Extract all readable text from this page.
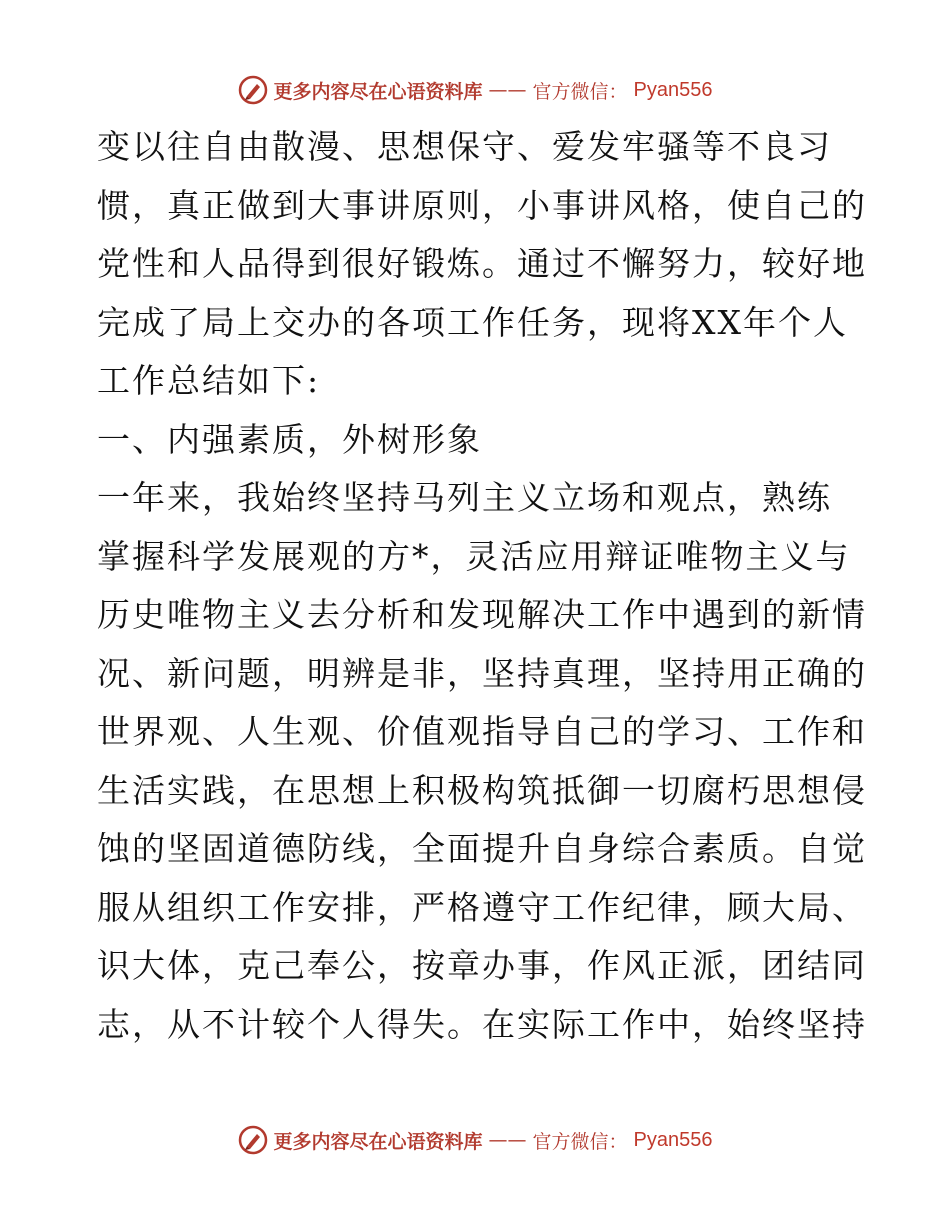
更多内容尽在心语资料库 —— 官方微信： Pyan556
变以往自由散漫、思想保守、爱发牢骚等不良习
惯，真正做到大事讲原则，小事讲风格，使自己的
党性和人品得到很好锻炼。通过不懈努力，较好地
完成了局上交办的各项工作任务，现将XX年个人
工作总结如下:
一、内强素质，外树形象
一年来，我始终坚持马列主义立场和观点，熟练
掌握科学发展观的方*，灵活应用辩证唯物主义与
历史唯物主义去分析和发现解决工作中遇到的新情
况、新问题，明辨是非，坚持真理，坚持用正确的
世界观、人生观、价值观指导自己的学习、工作和
生活实践，在思想上积极构筑抵御一切腐朽思想侵
蚀的坚固道德防线，全面提升自身综合素质。自觉
服从组织工作安排，严格遵守工作纪律，顾大局、
识大体，克己奉公，按章办事，作风正派，团结同
志，从不计较个人得失。在实际工作中，始终坚持
更多内容尽在心语资料库 —— 官方微信： Pyan556
